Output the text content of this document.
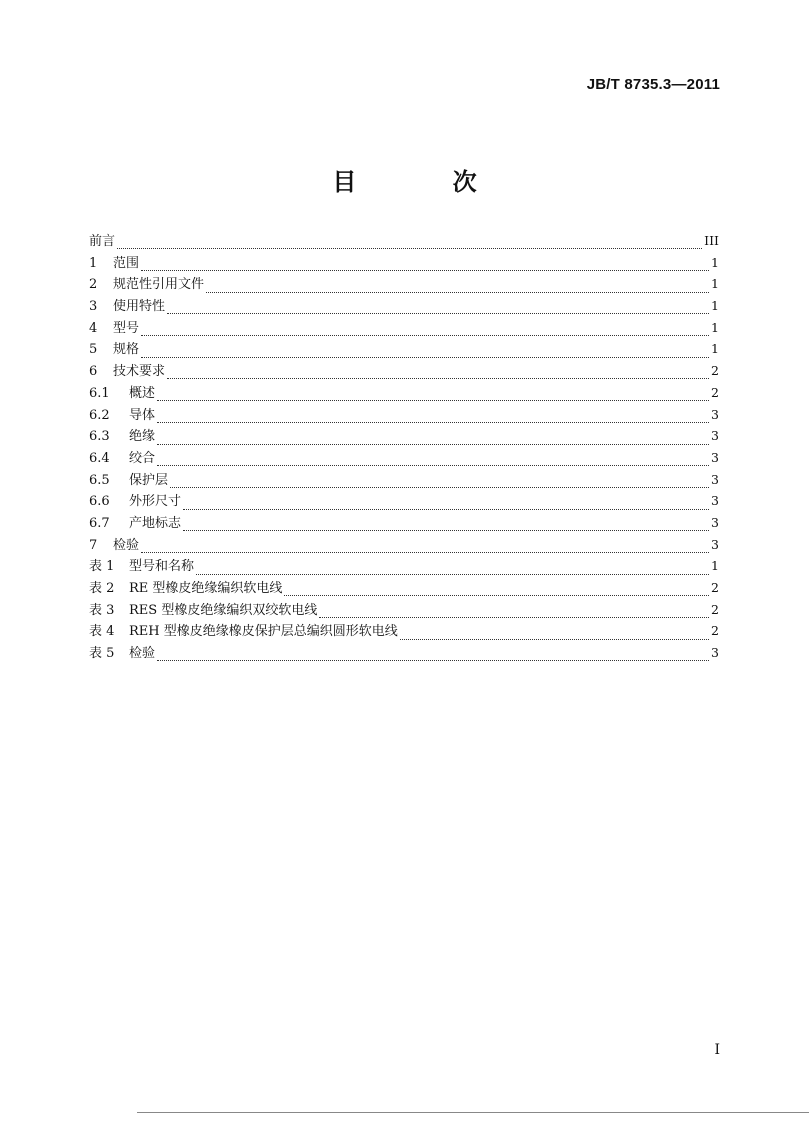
JB/T 8735.3—2011
目 次
前言	III
1	范围	1
2	规范性引用文件	1
3	使用特性	1
4	型号	1
5	规格	1
6	技术要求	2
6.1	概述	2
6.2	导体	3
6.3	绝缘	3
6.4	绞合	3
6.5	保护层	3
6.6	外形尺寸	3
6.7	产地标志	3
7	检验	3
表 1	型号和名称	1
表 2	RE 型橡皮绝缘编织软电线	2
表 3	RES 型橡皮绝缘编织双绞软电线	2
表 4	REH 型橡皮绝缘橡皮保护层总编织圆形软电线	2
表 5	检验	3
I
